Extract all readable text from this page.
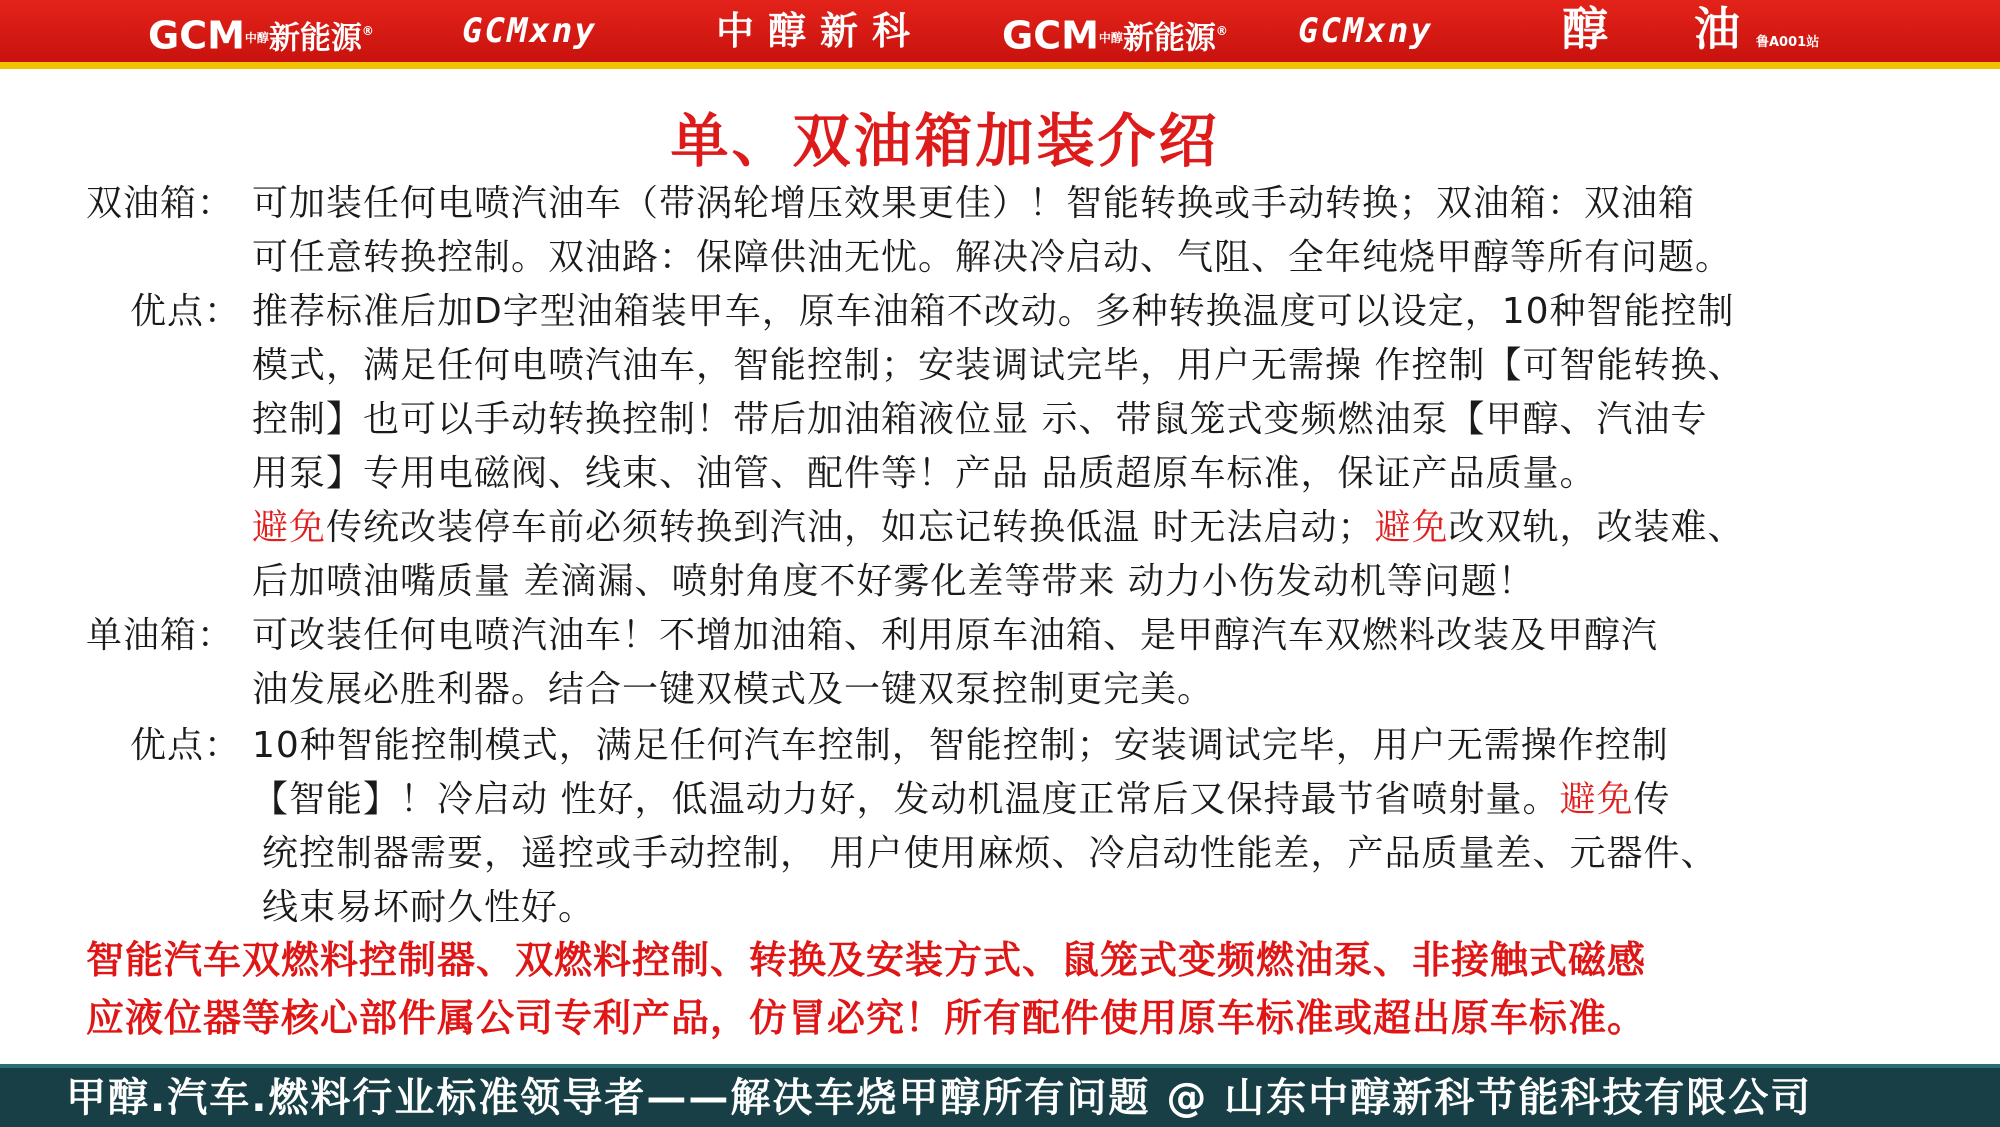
GCM中醇新能源®	GCMxny	中醇新科 GCM中醇新能源® GCMxny	醇 油 鲁A001站
单、双油箱加装介绍
双油箱： 可加装任何电喷汽油车（带涡轮增压效果更佳）！智能转换或手动转换；双油箱：双油箱
可任意转换控制。双油路：保障供油无忧。解决冷启动、气阻、全年纯烧甲醇等所有问题。
优点： 推荐标准后加D字型油箱装甲车，原车油箱不改动。多种转换温度可以设定，10种智能控制
模式，满足任何电喷汽油车，智能控制；安装调试完毕，用户无需操 作控制【可智能转换、
控制】也可以手动转换控制！带后加油箱液位显 示、带鼠笼式变频燃油泵【甲醇、汽油专
用泵】专用电磁阀、线束、油管、配件等！产品 品质超原车标准，保证产品质量。
避免传统改装停车前必须转换到汽油，如忘记转换低温 时无法启动；避免改双轨，改装难、
后加喷油嘴质量 差滴漏、喷射角度不好雾化差等带来 动力小伤发动机等问题！
单油箱： 可改装任何电喷汽油车！不增加油箱、利用原车油箱、是甲醇汽车双燃料改装及甲醇汽
油发展必胜利器。结合一键双模式及一键双泵控制更完美。
优点： 10种智能控制模式，满足任何汽车控制，智能控制；安装调试完毕，用户无需操作控制
【智能】！冷启动 性好，低温动力好，发动机温度正常后又保持最节省喷射量。避免传
统控制器需要，遥控或手动控制， 用户使用麻烦、冷启动性能差，产品质量差、元器件、
线束易坏耐久性好。
智能汽车双燃料控制器、双燃料控制、转换及安装方式、鼠笼式变频燃油泵、非接触式磁感
应液位器等核心部件属公司专利产品，仿冒必究！所有配件使用原车标准或超出原车标准。
甲醇.汽车.燃料行业标准领导者——解决车烧甲醇所有问题 @ 山东中醇新科节能科技有限公司
